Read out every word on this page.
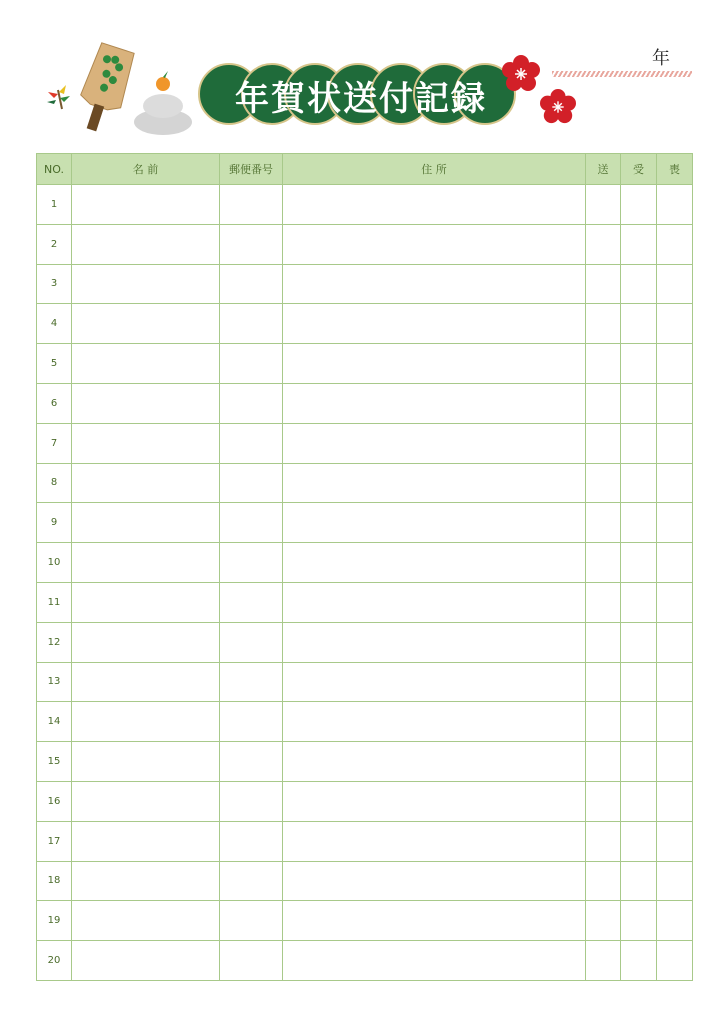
年賀状送付記録
年
NO.	名 前	郵便番号	住 所	送	受	喪
1						
2						
3						
4						
5						
6						
7						
8						
9						
10						
11						
12						
13						
14						
15						
16						
17						
18						
19						
20						
